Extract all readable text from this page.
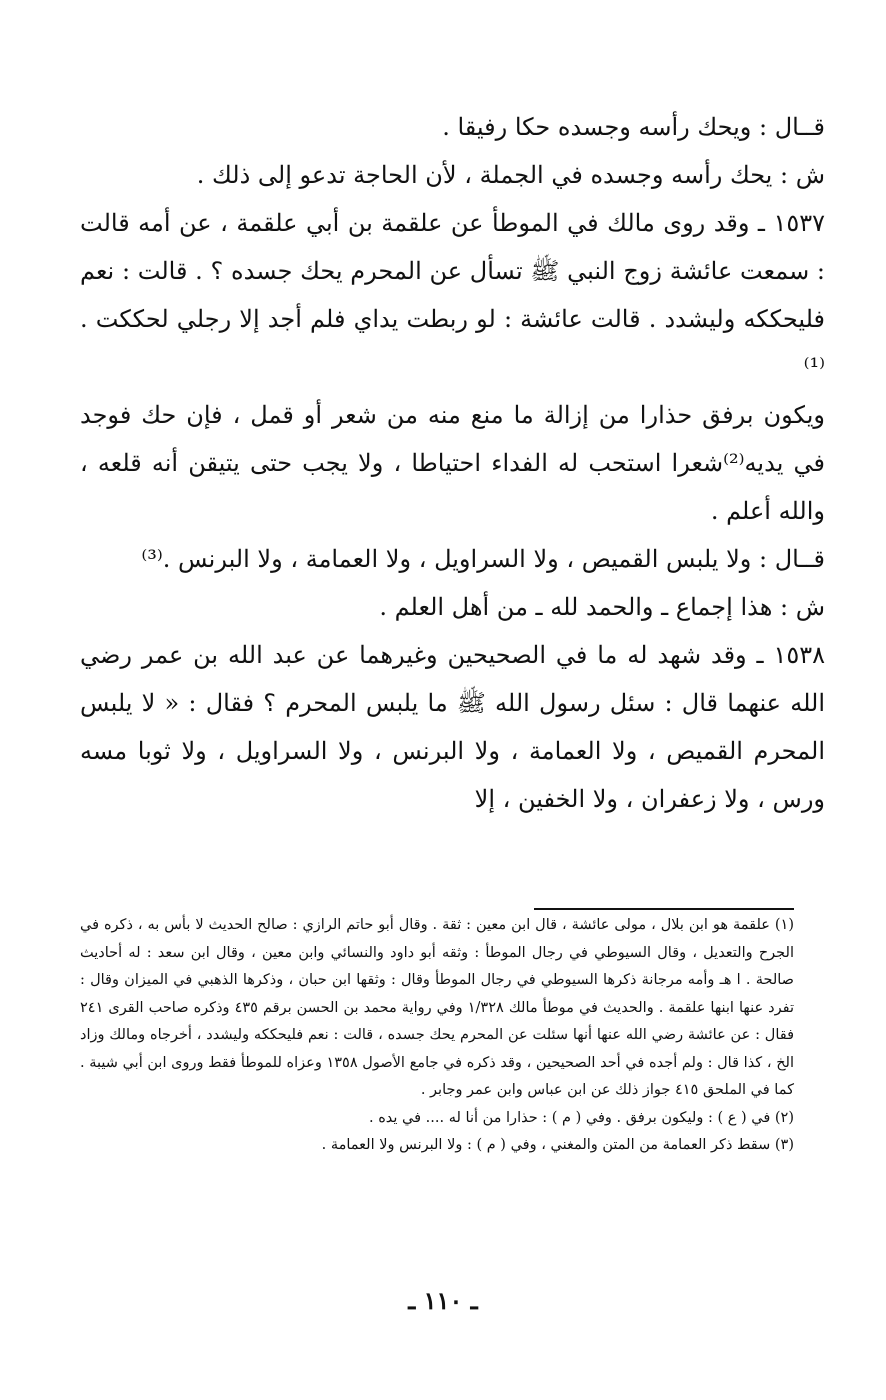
قــال : ويحك رأسه وجسده حكا رفيقا .

ش : يحك رأسه وجسده في الجملة ، لأن الحاجة تدعو إلى ذلك .

١٥٣٧ ـ وقد روى مالك في الموطأ عن علقمة بن أبي علقمة ، عن أمه قالت : سمعت عائشة زوج النبي ﷺ تسأل عن المحرم يحك جسده ؟ . قالت : نعم فليحككه وليشدد . قالت عائشة : لو ربطت يداي فلم أجد إلا رجلي لحككت .⁽¹⁾

ويكون برفق حذارا من إزالة ما منع منه من شعر أو قمل ، فإن حك فوجد في يديه⁽²⁾شعرا استحب له الفداء احتياطا ، ولا يجب حتى يتيقن أنه قلعه ، والله أعلم .

قــال : ولا يلبس القميص ، ولا السراويل ، ولا العمامة ، ولا البرنس .⁽³⁾

ش : هذا إجماع ـ والحمد لله ـ من أهل العلم .

١٥٣٨ ـ وقد شهد له ما في الصحيحين وغيرهما عن عبد الله بن عمر رضي الله عنهما قال : سئل رسول الله ﷺ ما يلبس المحرم ؟ فقال : « لا يلبس المحرم القميص ، ولا العمامة ، ولا البرنس ، ولا السراويل ، ولا ثوبا مسه ورس ، ولا زعفران ، ولا الخفين ، إلا

(١) علقمة هو ابن بلال ، مولى عائشة ، قال ابن معين : ثقة . وقال أبو حاتم الرازي : صالح الحديث لا بأس به ، ذكره في الجرح والتعديل ، وقال السيوطي في رجال الموطأ : وثقه أبو داود والنسائي وابن معين ، وقال ابن سعد : له أحاديث صالحة . ا هـ وأمه مرجانة ذكرها السيوطي في رجال الموطأ وقال : وثقها ابن حبان ، وذكرها الذهبي في الميزان وقال : تفرد عنها ابنها علقمة . والحديث في موطأ مالك ١/٣٢٨ وفي رواية محمد بن الحسن برقم ٤٣٥ وذكره صاحب القرى ٢٤١ فقال : عن عائشة رضي الله عنها أنها سئلت عن المحرم يحك جسده ، قالت : نعم فليحككه وليشدد ، أخرجاه ومالك وزاد الخ ، كذا قال : ولم أجده في أحد الصحيحين ، وقد ذكره في جامع الأصول ١٣٥٨ وعزاه للموطأ فقط وروى ابن أبي شيبة . كما في الملحق ٤١٥ جواز ذلك عن ابن عباس وابن عمر وجابر .

(٢) في ( ع ) : وليكون برفق . وفي ( م ) : حذارا من أنا له .... في يده .

(٣) سقط ذكر العمامة من المتن والمغني ، وفي ( م ) : ولا البرنس ولا العمامة .

ـ ١١٠ ـ
